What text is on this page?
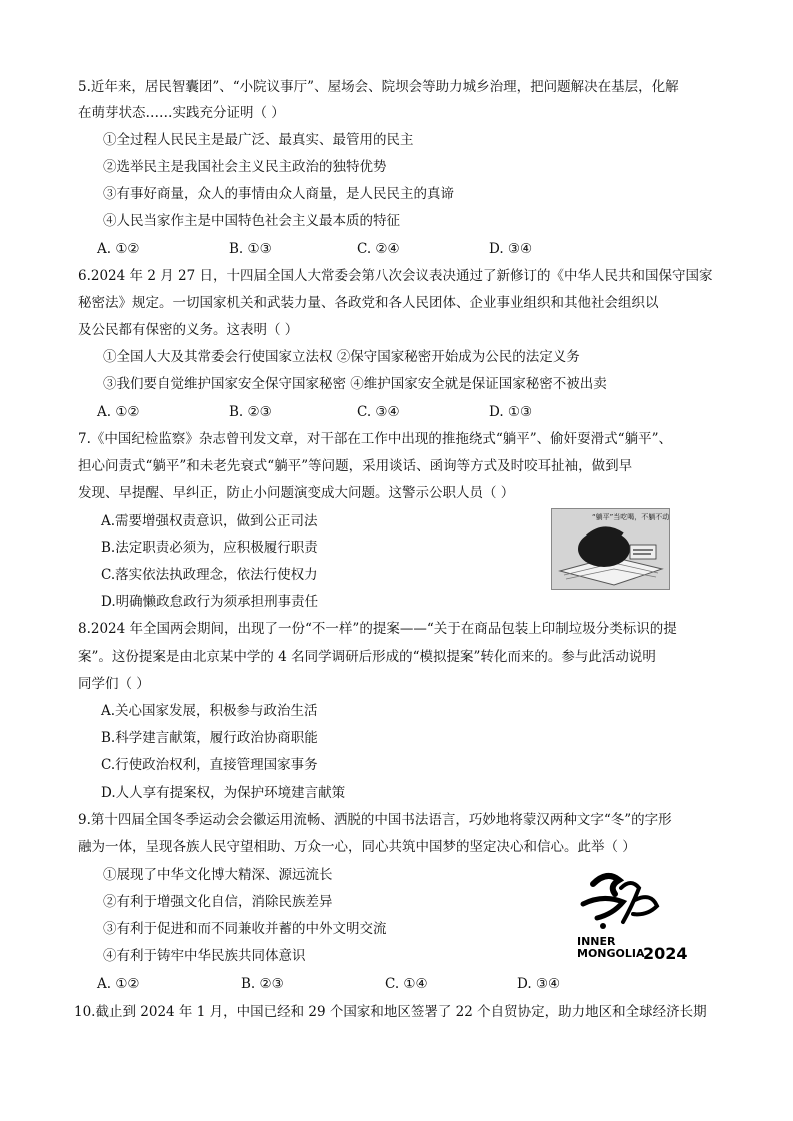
5.近年来，居民智囊团”、“小院议事厅”、屋场会、院坝会等助力城乡治理，把问题解决在基层，化解
在萌芽状态……实践充分证明（ ）
①全过程人民民主是最广泛、最真实、最管用的民主
②选举民主是我国社会主义民主政治的独特优势
③有事好商量，众人的事情由众人商量，是人民民主的真谛
④人民当家作主是中国特色社会主义最本质的特征
A. ①②	B. ①③	C. ②④	D. ③④
6.2024 年 2 月 27 日，十四届全国人大常委会第八次会议表决通过了新修订的《中华人民共和国保守国家
秘密法》规定。一切国家机关和武装力量、各政党和各人民团体、企业事业组织和其他社会组织以
及公民都有保密的义务。这表明（ ）
①全国人大及其常委会行使国家立法权 ②保守国家秘密开始成为公民的法定义务
③我们要自觉维护国家安全保守国家秘密 ④维护国家安全就是保证国家秘密不被出卖
A. ①②	B. ②③	C. ③④	D. ①③
7.《中国纪检监察》杂志曾刊发文章，对干部在工作中出现的推拖绕式“躺平”、偷奸耍滑式“躺平”、
担心问责式“躺平”和未老先衰式“躺平”等问题，采用谈话、函询等方式及时咬耳扯袖，做到早
发现、早提醒、早纠正，防止小问题演变成大问题。这警示公职人员（ ）
A.需要增强权责意识，做到公正司法
B.法定职责必须为，应积极履行职责
C.落实依法执政理念，依法行使权力
D.明确懒政怠政行为须承担刑事责任
“躺平”当吃喝，不躺不动
8.2024 年全国两会期间，出现了一份“不一样”的提案——“关于在商品包装上印制垃圾分类标识的提
案”。这份提案是由北京某中学的 4 名同学调研后形成的“模拟提案”转化而来的。参与此活动说明
同学们（ ）
A.关心国家发展，积极参与政治生活
B.科学建言献策，履行政治协商职能
C.行使政治权利，直接管理国家事务
D.人人享有提案权，为保护环境建言献策
9.第十四届全国冬季运动会会徽运用流畅、洒脱的中国书法语言，巧妙地将蒙汉两种文字“冬”的字形
融为一体，呈现各族人民守望相助、万众一心，同心共筑中国梦的坚定决心和信心。此举（ ）
①展现了中华文化博大精深、源远流长
②有利于增强文化自信，消除民族差异
③有利于促进和而不同兼收并蓄的中外文明交流
④有利于铸牢中华民族共同体意识
A. ①②	B. ②③	C. ①④	D. ③④
INNER
MONGOLIA
2024
10.截止到 2024 年 1 月，中国已经和 29 个国家和地区签署了 22 个自贸协定，助力地区和全球经济长期
